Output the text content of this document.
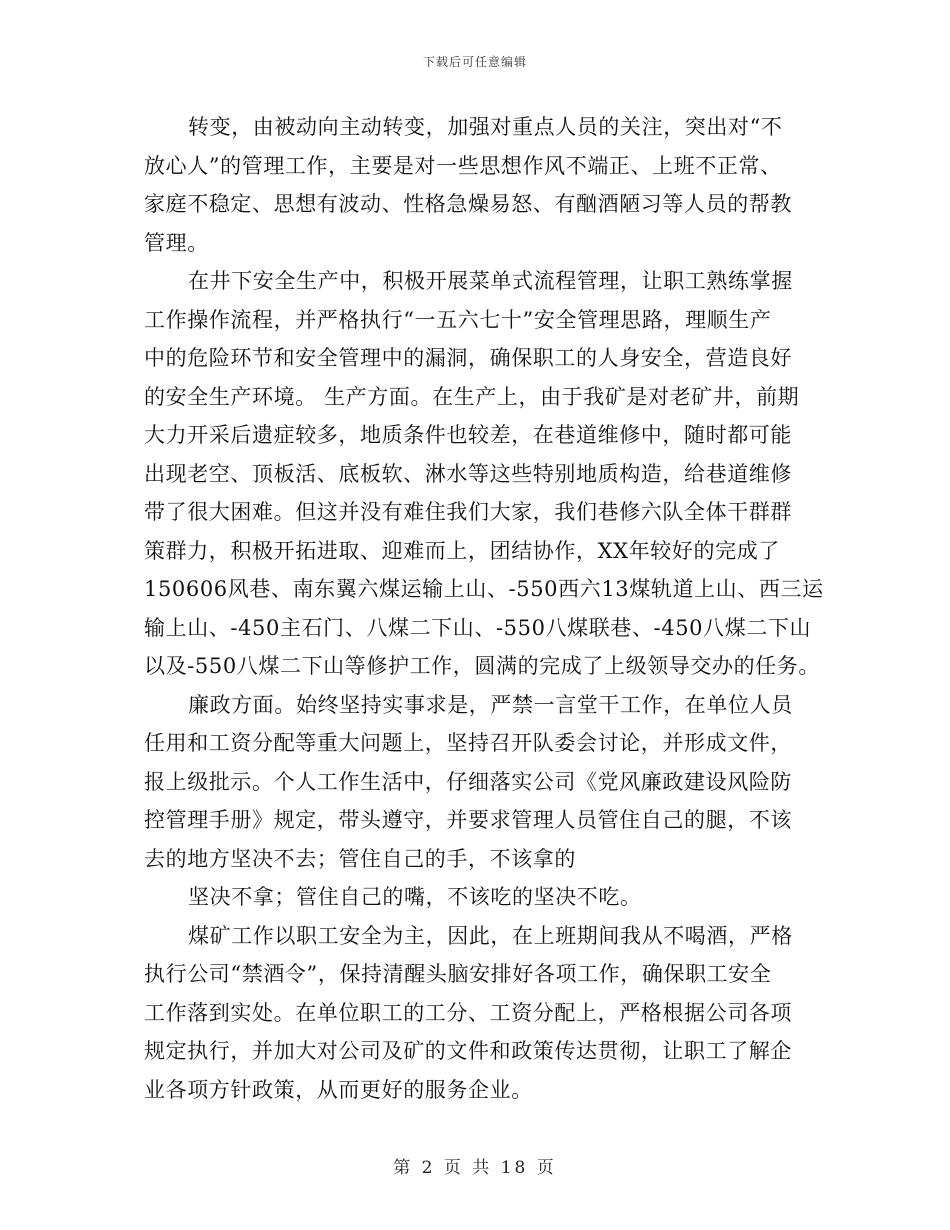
下载后可任意编辑
转变，由被动向主动转变，加强对重点人员的关注，突出对“不
放心人”的管理工作，主要是对一些思想作风不端正、上班不正常、
家庭不稳定、思想有波动、性格急燥易怒、有酗酒陋习等人员的帮教
管理。
在井下安全生产中，积极开展菜单式流程管理，让职工熟练掌握
工作操作流程，并严格执行“一五六七十”安全管理思路，理顺生产
中的危险环节和安全管理中的漏洞，确保职工的人身安全，营造良好
的安全生产环境。 生产方面。在生产上，由于我矿是对老矿井，前期
大力开采后遗症较多，地质条件也较差，在巷道维修中，随时都可能
出现老空、顶板活、底板软、淋水等这些特别地质构造，给巷道维修
带了很大困难。但这并没有难住我们大家，我们巷修六队全体干群群
策群力，积极开拓进取、迎难而上，团结协作，XX年较好的完成了
150606风巷、南东翼六煤运输上山、-550西六13煤轨道上山、西三运
输上山、-450主石门、八煤二下山、-550八煤联巷、-450八煤二下山
以及-550八煤二下山等修护工作，圆满的完成了上级领导交办的任务。
廉政方面。始终坚持实事求是，严禁一言堂干工作，在单位人员
任用和工资分配等重大问题上，坚持召开队委会讨论，并形成文件，
报上级批示。个人工作生活中，仔细落实公司《党风廉政建设风险防
控管理手册》规定，带头遵守，并要求管理人员管住自己的腿，不该
去的地方坚决不去；管住自己的手，不该拿的
坚决不拿；管住自己的嘴，不该吃的坚决不吃。
煤矿工作以职工安全为主，因此，在上班期间我从不喝酒，严格
执行公司“禁酒令”，保持清醒头脑安排好各项工作，确保职工安全
工作落到实处。在单位职工的工分、工资分配上，严格根据公司各项
规定执行，并加大对公司及矿的文件和政策传达贯彻，让职工了解企
业各项方针政策，从而更好的服务企业。
第 2 页 共 18 页
